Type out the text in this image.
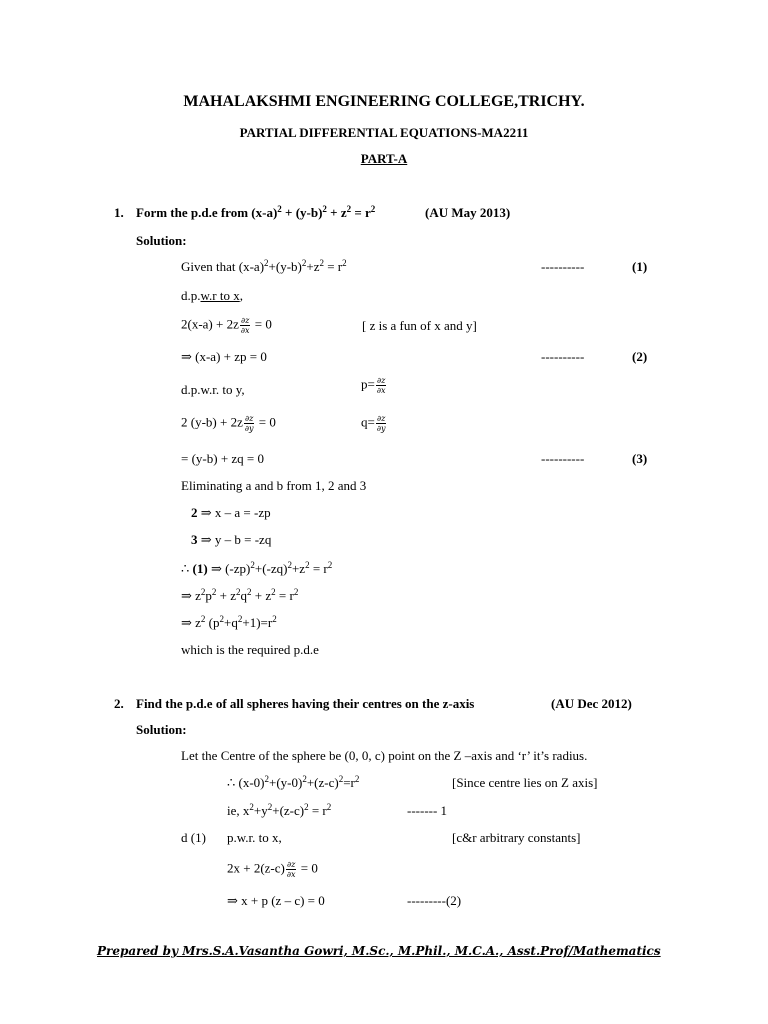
MAHALAKSHMI ENGINEERING COLLEGE,TRICHY.
PARTIAL DIFFERENTIAL EQUATIONS-MA2211
PART-A
1. Form the p.d.e from $(x-a)^2 + (y-b)^2 + z^2 = r^2$	(AU May 2013)
Solution:
Given that $(x-a)^2+(y-b)^2+z^2 = r^2$	----------	(1)
d.p.w.r to x,
$2(x-a) + 2z \frac{\partial z}{\partial x} = 0$	[ z is a fun of x and y]
⇒ (x-a) + zp = 0	----------	(2)
d.p.w.r. to y,	$p= \frac{\partial z}{\partial x}$
2 $(y-b) + 2z \frac{\partial z}{\partial y} = 0$	$q= \frac{\partial z}{\partial y}$
= (y-b) + zq = 0	----------	(3)
Eliminating a and b from 1, 2 and 3
2 ⇒ x – a = -zp
3 ⇒ y – b = -zq
∴ (1) ⇒ $(-zp)^2+(-zq)^2+z^2 = r^2$
⇒ $z^2p^2 + z^2q^2 + z^2 = r^2$
⇒ $z^2$ $(p^2+q^2+1)=r^2$
which is the required p.d.e
2. Find the p.d.e of all spheres having their centres on the z-axis	(AU Dec 2012)
Solution:
Let the Centre of the sphere be (0, 0, c) point on the Z –axis and ‘r’ it’s radius.
∴ $(x-0)^2+(y-0)^2+(z-c)^2=r^2$	[Since centre lies on Z axis]
ie, $x^2+y^2+(z-c)^2 = r^2$	------- 1
d (1) p.w.r. to x,	[c&r arbitrary constants]
$2x + 2(z-c) \frac{\partial z}{\partial x} = 0$
⇒ x + p (z – c) = 0	---------(2)
Prepared by Mrs.S.A.Vasantha Gowri, M.Sc., M.Phil., M.C.A., Asst.Prof/Mathematics
